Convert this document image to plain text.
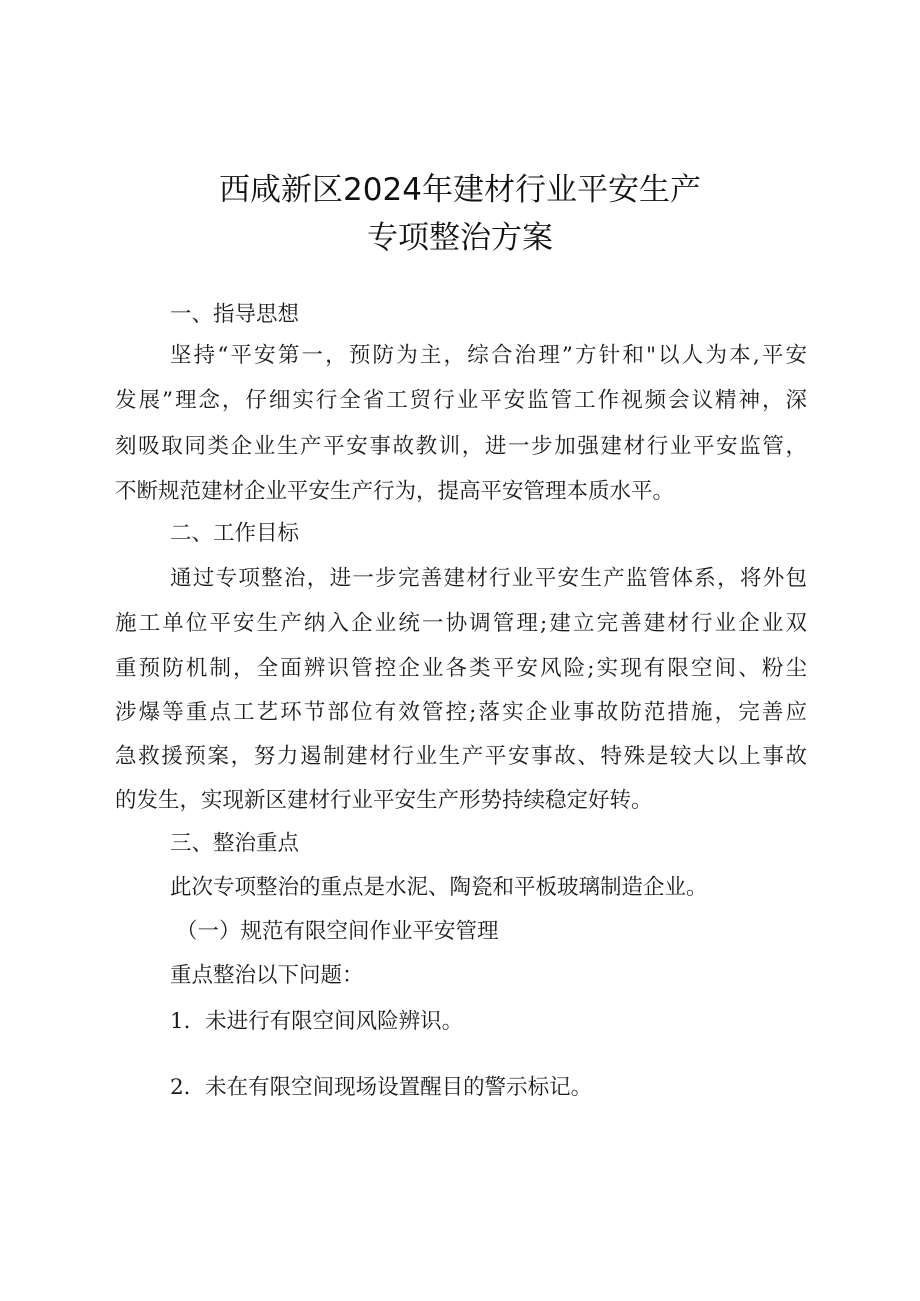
西咸新区2024年建材行业平安生产
专项整治方案
一、指导思想
坚持“平安第一，预防为主，综合治理”方针和"以人为本,平安
发展”理念，仔细实行全省工贸行业平安监管工作视频会议精神，深
刻吸取同类企业生产平安事故教训，进一步加强建材行业平安监管，
不断规范建材企业平安生产行为，提高平安管理本质水平。
二、工作目标
通过专项整治，进一步完善建材行业平安生产监管体系，将外包
施工单位平安生产纳入企业统一协调管理;建立完善建材行业企业双
重预防机制，全面辨识管控企业各类平安风险;实现有限空间、粉尘
涉爆等重点工艺环节部位有效管控;落实企业事故防范措施，完善应
急救援预案，努力遏制建材行业生产平安事故、特殊是较大以上事故
的发生，实现新区建材行业平安生产形势持续稳定好转。
三、整治重点
此次专项整治的重点是水泥、陶瓷和平板玻璃制造企业。
（一）规范有限空间作业平安管理
重点整治以下问题：
1．未进行有限空间风险辨识。
2．未在有限空间现场设置醒目的警示标记。
